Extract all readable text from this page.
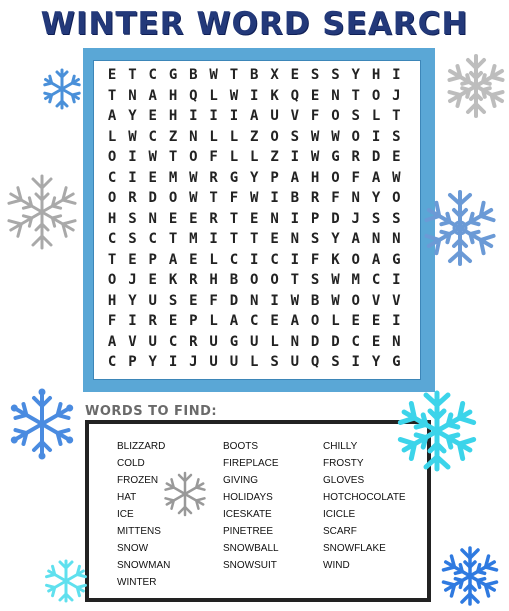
WINTER WORD SEARCH
E T C G B W T B X E S S Y H I
T N A H Q L W I K Q E N T O J
A Y E H I I I A U V F O S L T
L W C Z N L L Z O S W W O I S
O I W T O F L L Z I W G R D E
C I E M W R G Y P A H O F A W
O R D O W T F W I B R F N Y O
H S N E E R T E N I P D J S S
C S C T M I T T E N S Y A N N
T E P A E L C I C I F K O A G
O J E K R H B O O T S W M C I
H Y U S E F D N I W B W O V V
F I R E P L A C E A O L E E I
A V U C R U G U L N D D C E N
C P Y I J U U L S U Q S I Y G
WORDS TO FIND:
BLIZZARD
COLD
FROZEN
HAT
ICE
MITTENS
SNOW
SNOWMAN
WINTER
BOOTS
FIREPLACE
GIVING
HOLIDAYS
ICESKATE
PINETREE
SNOWBALL
SNOWSUIT
CHILLY
FROSTY
GLOVES
HOTCHOCOLATE
ICICLE
SCARF
SNOWFLAKE
WIND
